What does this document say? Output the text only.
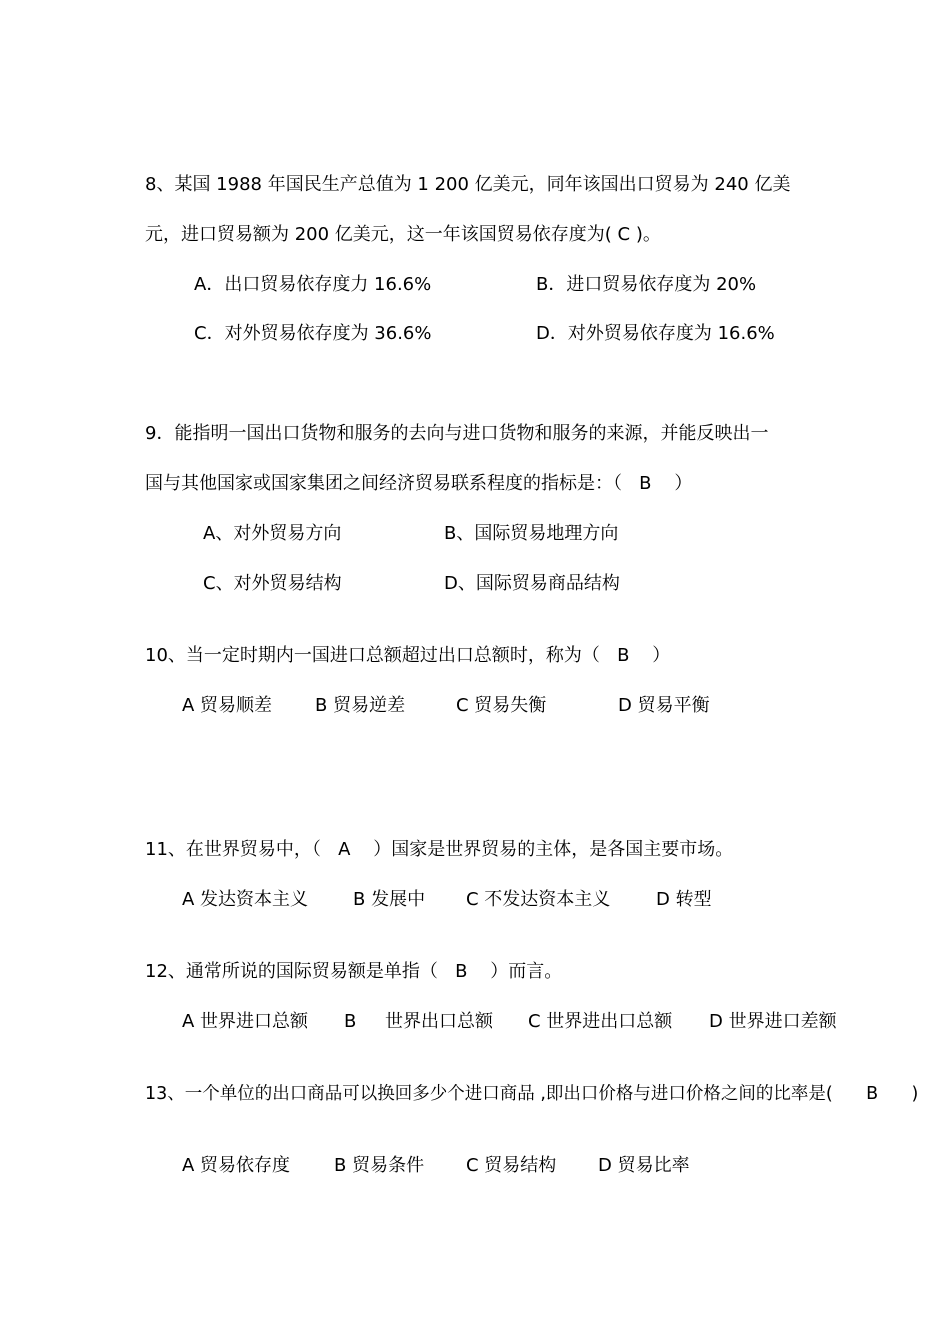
8、某国 1988 年国民生产总值为 1 200 亿美元，同年该国出口贸易为 240 亿美
元，进口贸易额为 200 亿美元，这一年该国贸易依存度为( C )。
A．出口贸易依存度力 16.6%	B．进口贸易依存度为 20%
C．对外贸易依存度为 36.6%	D．对外贸易依存度为 16.6%
9．能指明一国出口货物和服务的去向与进口货物和服务的来源，并能反映出一
国与其他国家或国家集团之间经济贸易联系程度的指标是：（   B    ）
A、对外贸易方向	B、国际贸易地理方向
C、对外贸易结构	D、国际贸易商品结构
10、当一定时期内一国进口总额超过出口总额时，称为（   B    ）
A 贸易顺差 B 贸易逆差	C 贸易失衡	D 贸易平衡
11、在世界贸易中，（   A    ）国家是世界贸易的主体，是各国主要市场。
A 发达资本主义 B 发展中 C 不发达资本主义	D 转型
12、通常所说的国际贸易额是单指（   B    ）而言。
A 世界进口总额 B 世界出口总额 C 世界进出口总额 D 世界进口差额
13、一个单位的出口商品可以换回多少个进口商品 ,即出口价格与进口价格之间的比率是(      B      )
A 贸易依存度 B 贸易条件 C 贸易结构 D 贸易比率
